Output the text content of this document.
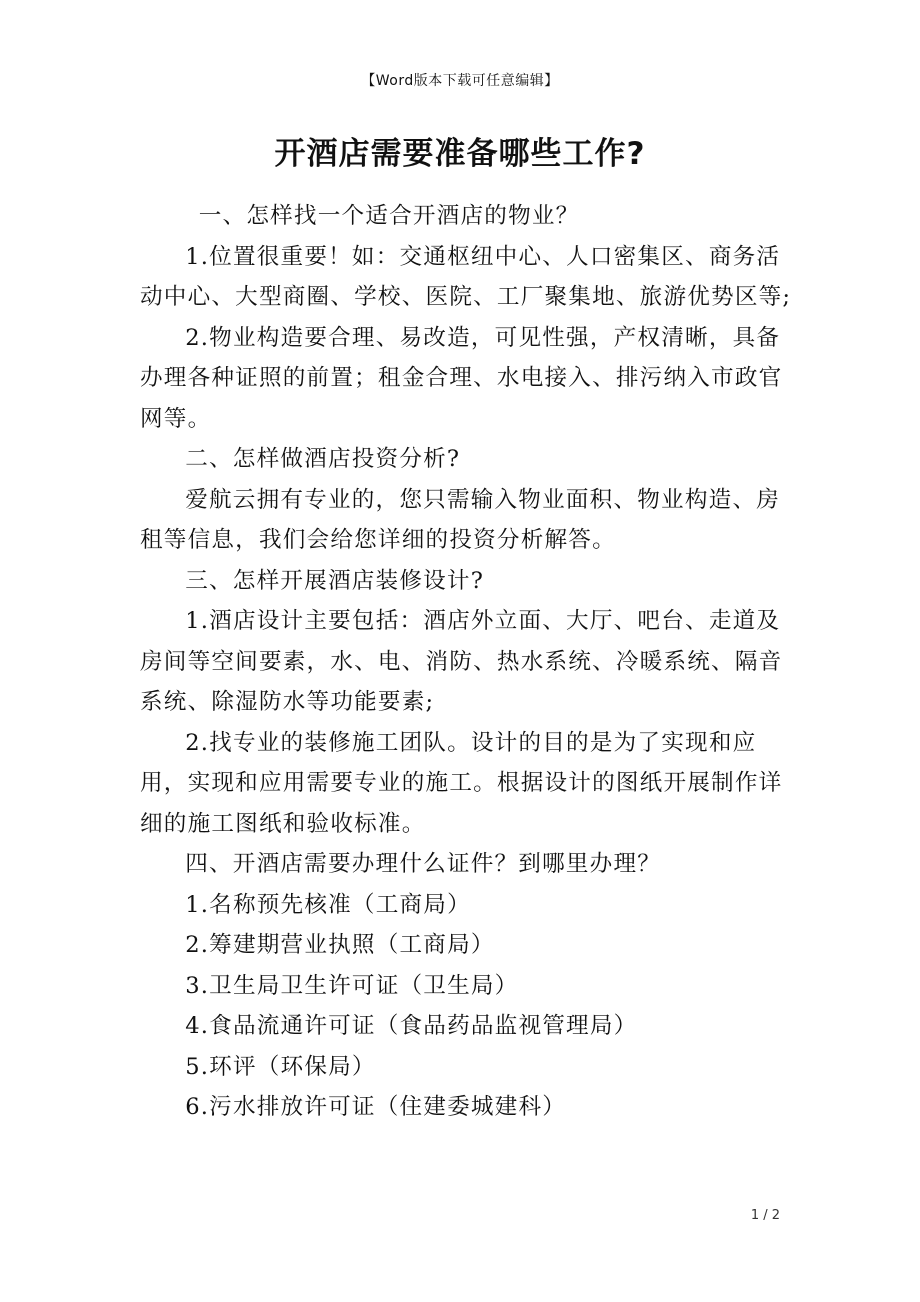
【Word版本下载可任意编辑】
开酒店需要准备哪些工作?

一、怎样找一个适合开酒店的物业？

1.位置很重要！如：交通枢纽中心、人口密集区、商务活动中心、大型商圈、学校、医院、工厂聚集地、旅游优势区等;

2.物业构造要合理、易改造，可见性强，产权清晰，具备办理各种证照的前置；租金合理、水电接入、排污纳入市政官网等。

二、怎样做酒店投资分析?

爱航云拥有专业的，您只需输入物业面积、物业构造、房租等信息，我们会给您详细的投资分析解答。

三、怎样开展酒店装修设计?

1.酒店设计主要包括：酒店外立面、大厅、吧台、走道及房间等空间要素，水、电、消防、热水系统、冷暖系统、隔音系统、除湿防水等功能要素;

2.找专业的装修施工团队。设计的目的是为了实现和应用，实现和应用需要专业的施工。根据设计的图纸开展制作详细的施工图纸和验收标准。

四、开酒店需要办理什么证件？到哪里办理？

1.名称预先核准（工商局）

2.筹建期营业执照（工商局）

3.卫生局卫生许可证（卫生局）

4.食品流通许可证（食品药品监视管理局）

5.环评（环保局）

6.污水排放许可证（住建委城建科）

1 / 2
